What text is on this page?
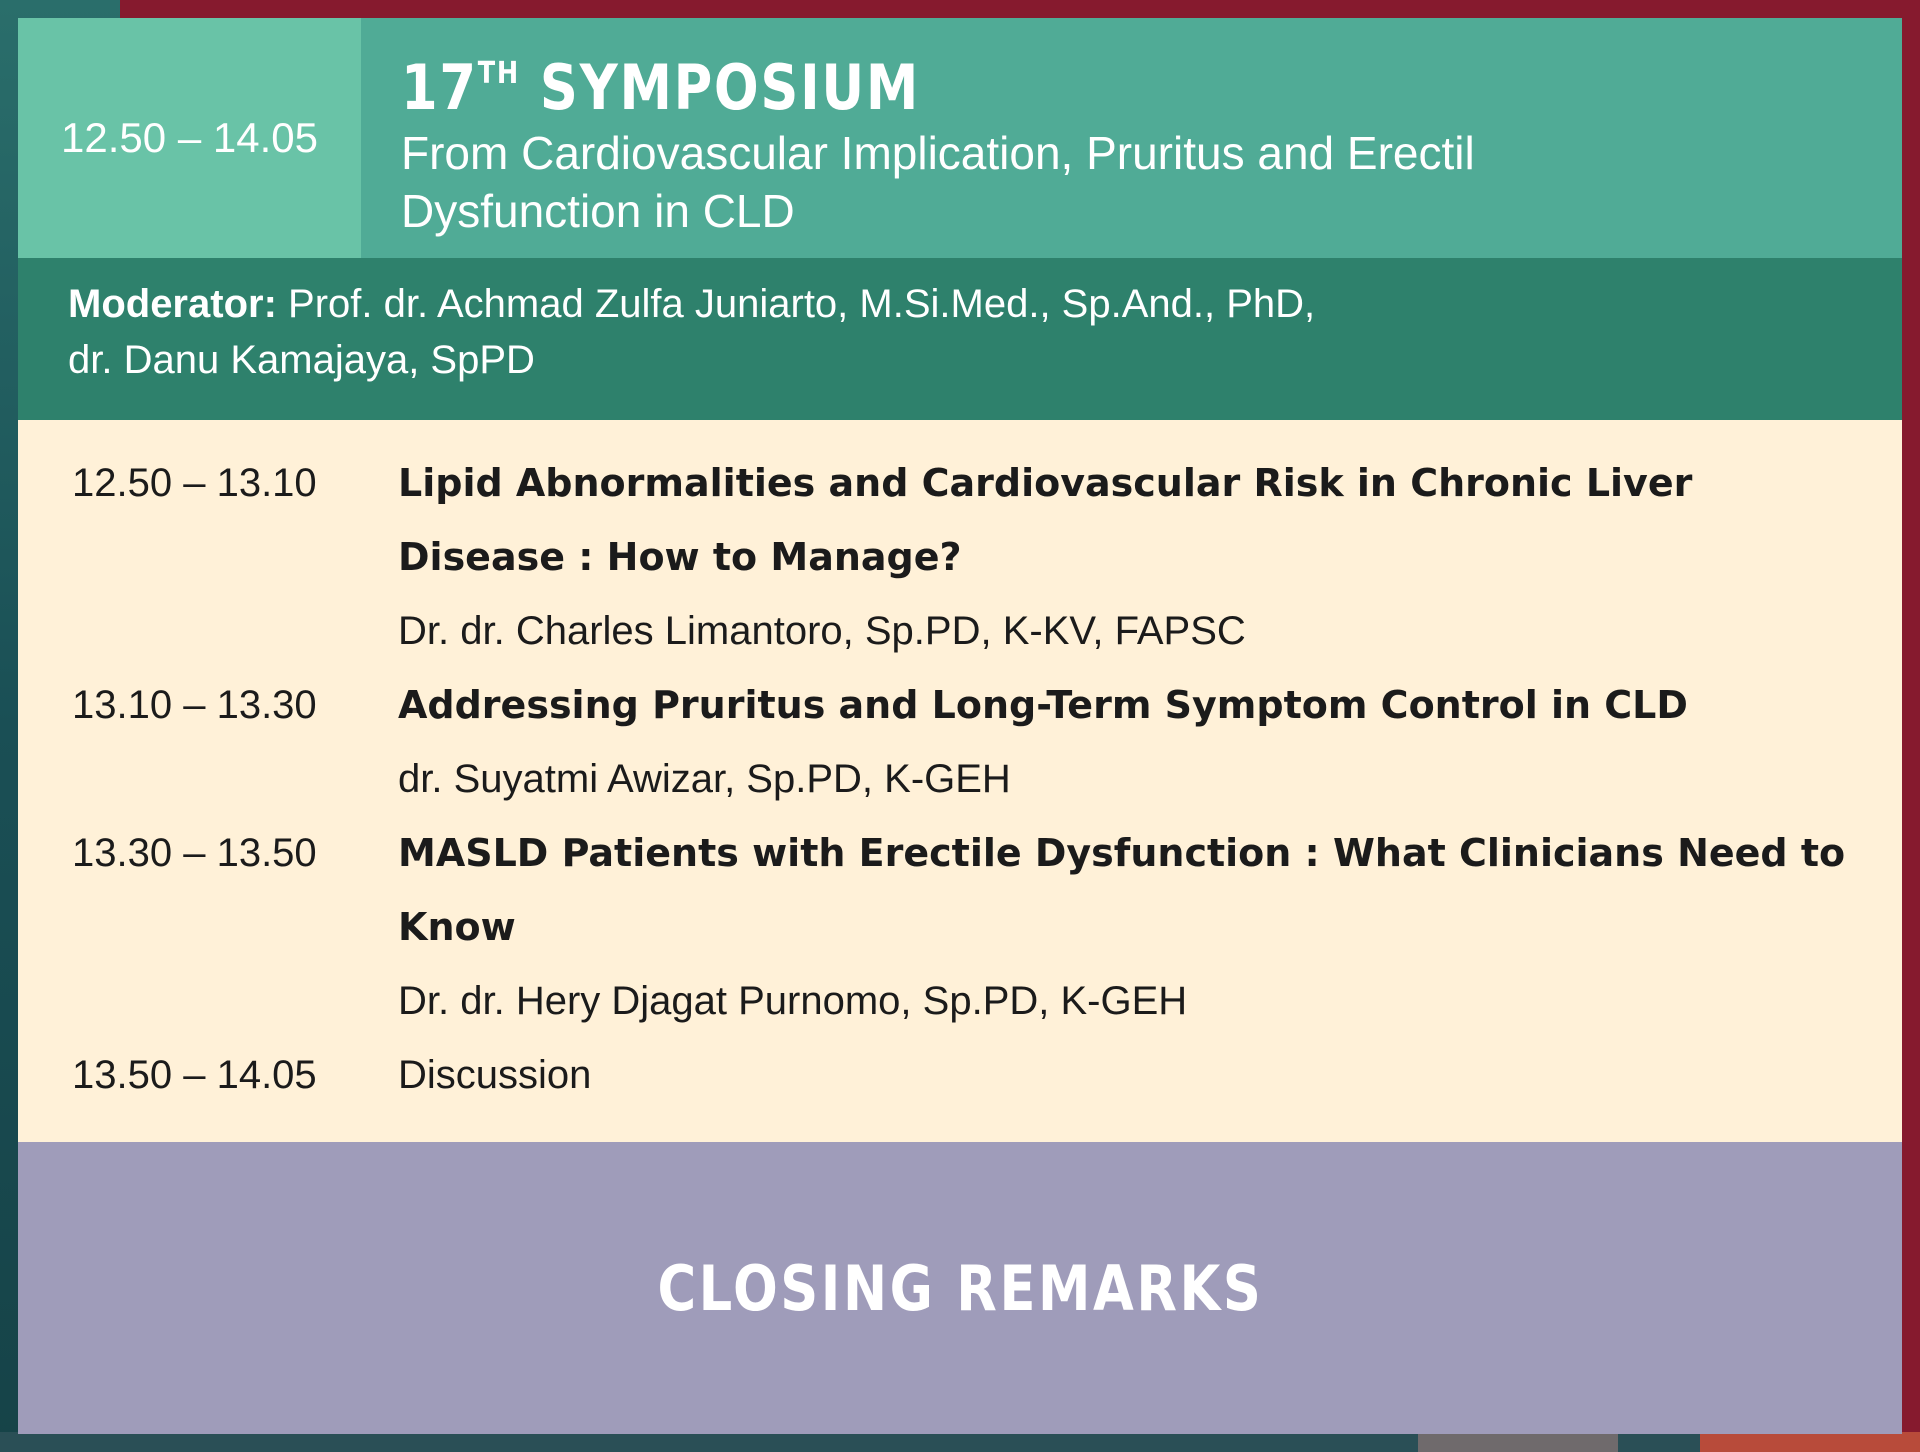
12.50 – 14.05
17TH SYMPOSIUM
From Cardiovascular Implication, Pruritus and Erectil Dysfunction in CLD
Moderator: Prof. dr. Achmad Zulfa Juniarto, M.Si.Med., Sp.And., PhD,
dr. Danu Kamajaya, SpPD
12.50 – 13.10	Lipid Abnormalities and Cardiovascular Risk in Chronic Liver Disease : How to Manage?
Dr. dr. Charles Limantoro, Sp.PD, K-KV, FAPSC
13.10 – 13.30	Addressing Pruritus and Long-Term Symptom Control in CLD
dr. Suyatmi Awizar, Sp.PD, K-GEH
13.30 – 13.50	MASLD Patients with Erectile Dysfunction : What Clinicians Need to Know
Dr. dr. Hery Djagat Purnomo, Sp.PD, K-GEH
13.50 – 14.05	Discussion
CLOSING REMARKS
